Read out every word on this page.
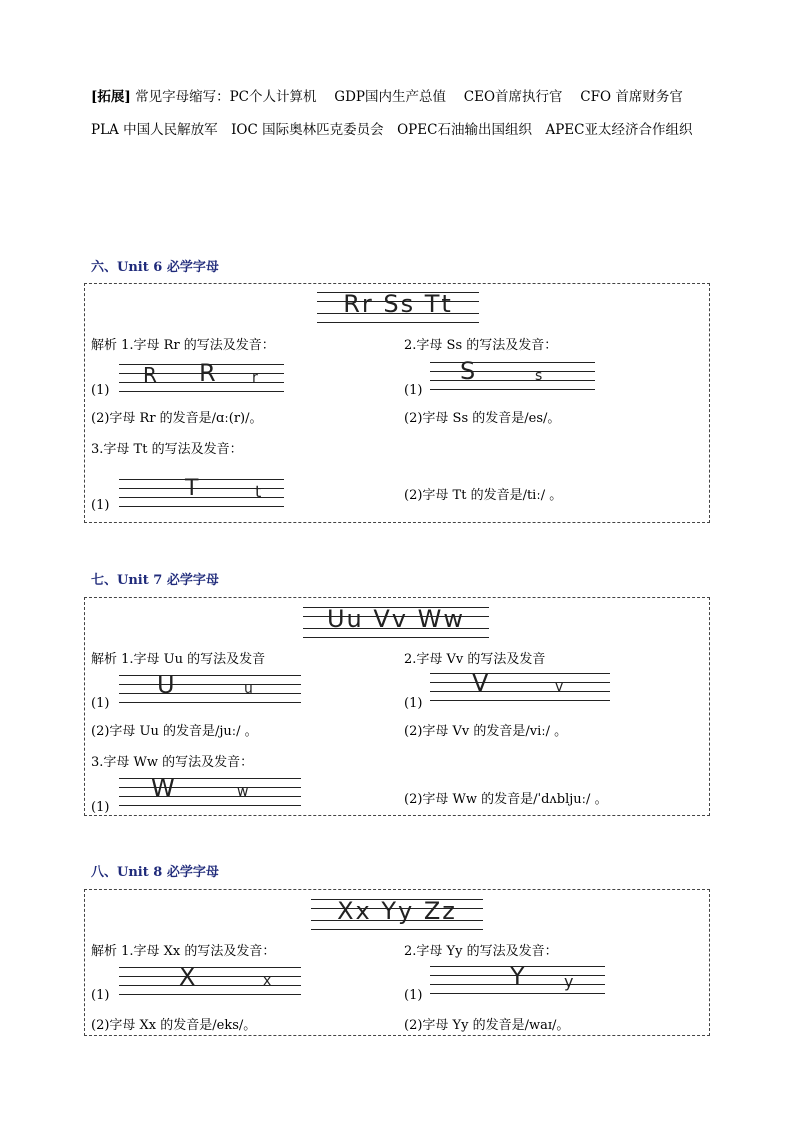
[拓展] 常见字母缩写：PC个人计算机　 GDP国内生产总值　 CEO首席执行官　 CFO 首席财务官
PLA 中国人民解放军　IOC 国际奥林匹克委员会　OPEC石油输出国组织　APEC亚太经济合作组织
六、Unit 6 必学字母
Rr Ss Tt
解析 1.字母 Rr 的写法及发音：
(1)
R R	r
(2)字母 Rr 的发音是/ɑː(r)/。
2.字母 Ss 的写法及发音：
(1)
S	s
(2)字母 Ss 的发音是/es/。
3.字母 Tt 的写法及发音：
(1)
T	t	(2)字母 Tt 的发音是/tiː/ 。
七、Unit 7 必学字母
Uu Vv Ww
解析 1.字母 Uu 的写法及发音
(1)
U	u
(2)字母 Uu 的发音是/juː/ 。
2.字母 Vv 的写法及发音
(1)
V	v
(2)字母 Vv 的发音是/viː/ 。
3.字母 Ww 的写法及发音：
(1)
W	w	(2)字母 Ww 的发音是/ˈdʌbljuː/ 。
八、Unit 8 必学字母
Xx Yy Zz
解析 1.字母 Xx 的写法及发音：
(1)
X	x
(2)字母 Xx 的发音是/eks/。
2.字母 Yy 的写法及发音：
(1)
Y y
(2)字母 Yy 的发音是/waɪ/。
